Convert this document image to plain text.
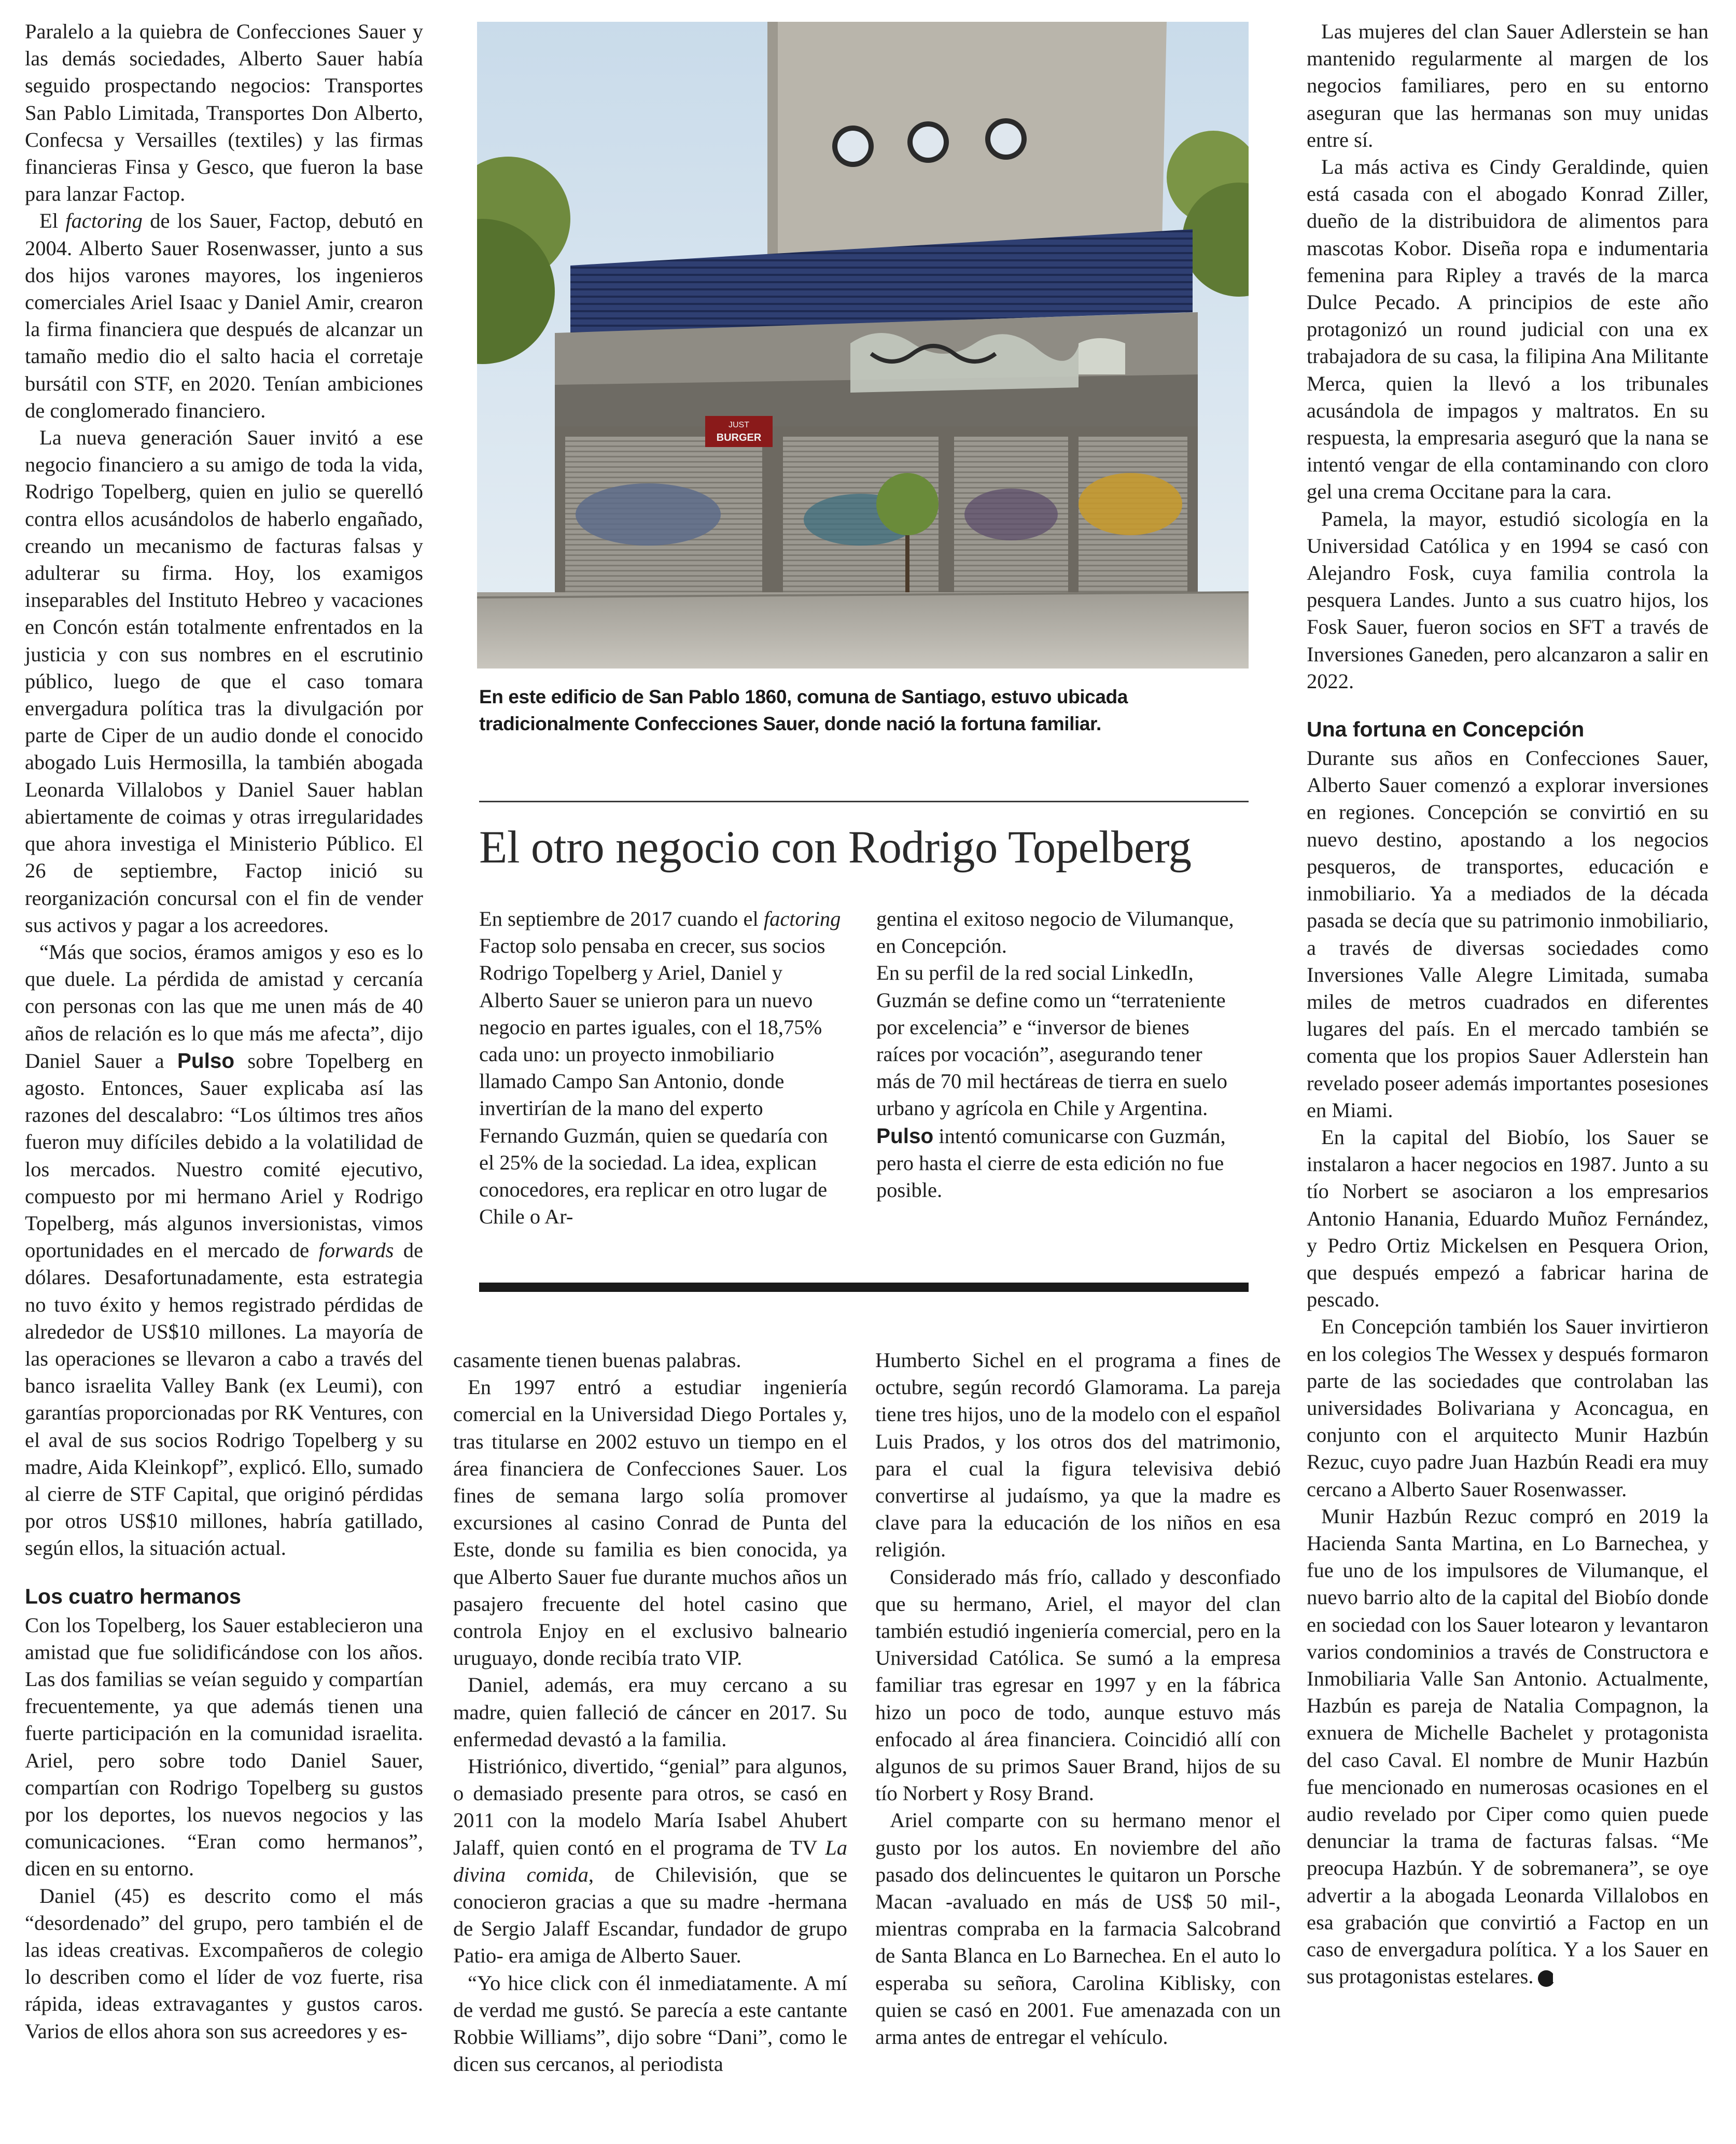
Paralelo a la quiebra de Confecciones Sauer y las demás sociedades, Alberto Sauer había seguido prospectando negocios: Transportes San Pablo Limitada, Transportes Don Alberto, Confecsa y Versailles (textiles) y las firmas financieras Finsa y Gesco, que fueron la base para lanzar Factop.

El factoring de los Sauer, Factop, debutó en 2004. Alberto Sauer Rosenwasser, junto a sus dos hijos varones mayores, los ingenieros comerciales Ariel Isaac y Daniel Amir, crearon la firma financiera que después de alcanzar un tamaño medio dio el salto hacia el corretaje bursátil con STF, en 2020. Tenían ambiciones de conglomerado financiero.

La nueva generación Sauer invitó a ese negocio financiero a su amigo de toda la vida, Rodrigo Topelberg, quien en julio se querelló contra ellos acusándolos de haberlo engañado, creando un mecanismo de facturas falsas y adulterar su firma. Hoy, los examigos inseparables del Instituto Hebreo y vacaciones en Concón están totalmente enfrentados en la justicia y con sus nombres en el escrutinio público, luego de que el caso tomara envergadura política tras la divulgación por parte de Ciper de un audio donde el conocido abogado Luis Hermosilla, la también abogada Leonarda Villalobos y Daniel Sauer hablan abiertamente de coimas y otras irregularidades que ahora investiga el Ministerio Público. El 26 de septiembre, Factop inició su reorganización concursal con el fin de vender sus activos y pagar a los acreedores.

“Más que socios, éramos amigos y eso es lo que duele. La pérdida de amistad y cercanía con personas con las que me unen más de 40 años de relación es lo que más me afecta”, dijo Daniel Sauer a Pulso sobre Topelberg en agosto. Entonces, Sauer explicaba así las razones del descalabro: “Los últimos tres años fueron muy difíciles debido a la volatilidad de los mercados. Nuestro comité ejecutivo, compuesto por mi hermano Ariel y Rodrigo Topelberg, más algunos inversionistas, vimos oportunidades en el mercado de forwards de dólares. Desafortunadamente, esta estrategia no tuvo éxito y hemos registrado pérdidas de alrededor de US$10 millones. La mayoría de las operaciones se llevaron a cabo a través del banco israelita Valley Bank (ex Leumi), con garantías proporcionadas por RK Ventures, con el aval de sus socios Rodrigo Topelberg y su madre, Aida Kleinkopf”, explicó. Ello, sumado al cierre de STF Capital, que originó pérdidas por otros US$10 millones, habría gatillado, según ellos, la situación actual.

Los cuatro hermanos

Con los Topelberg, los Sauer establecieron una amistad que fue solidificándose con los años. Las dos familias se veían seguido y compartían frecuentemente, ya que además tienen una fuerte participación en la comunidad israelita. Ariel, pero sobre todo Daniel Sauer, compartían con Rodrigo Topelberg su gustos por los deportes, los nuevos negocios y las comunicaciones. “Eran como hermanos”, dicen en su entorno.

Daniel (45) es descrito como el más “desordenado” del grupo, pero también el de las ideas creativas. Excompañeros de colegio lo describen como el líder de voz fuerte, risa rápida, ideas extravagantes y gustos caros. Varios de ellos ahora son sus acreedores y es-

JUST
BURGER
En este edificio de San Pablo 1860, comuna de Santiago, estuvo ubicada tradicionalmente Confecciones Sauer, donde nació la fortuna familiar.
El otro negocio con Rodrigo Topelberg

En septiembre de 2017 cuando el factoring Factop solo pensaba en crecer, sus socios Rodrigo Topelberg y Ariel, Daniel y Alberto Sauer se unieron para un nuevo negocio en partes iguales, con el 18,75% cada uno: un proyecto inmobiliario llamado Campo San Antonio, donde invertirían de la mano del experto Fernando Guzmán, quien se quedaría con el 25% de la sociedad. La idea, explican conocedores, era replicar en otro lugar de Chile o Ar-

gentina el exitoso negocio de Vilumanque, en Concepción.

En su perfil de la red social LinkedIn, Guzmán se define como un “terrateniente por excelencia” e “inversor de bienes raíces por vocación”, asegurando tener más de 70 mil hectáreas de tierra en suelo urbano y agrícola en Chile y Argentina. Pulso intentó comunicarse con Guzmán, pero hasta el cierre de esta edición no fue posible.

casamente tienen buenas palabras.

En 1997 entró a estudiar ingeniería comercial en la Universidad Diego Portales y, tras titularse en 2002 estuvo un tiempo en el área financiera de Confecciones Sauer. Los fines de semana largo solía promover excursiones al casino Conrad de Punta del Este, donde su familia es bien conocida, ya que Alberto Sauer fue durante muchos años un pasajero frecuente del hotel casino que controla Enjoy en el exclusivo balneario uruguayo, donde recibía trato VIP.

Daniel, además, era muy cercano a su madre, quien falleció de cáncer en 2017. Su enfermedad devastó a la familia.

Histriónico, divertido, “genial” para algunos, o demasiado presente para otros, se casó en 2011 con la modelo María Isabel Ahubert Jalaff, quien contó en el programa de TV La divina comida, de Chilevisión, que se conocieron gracias a que su madre -hermana de Sergio Jalaff Escandar, fundador de grupo Patio- era amiga de Alberto Sauer.

“Yo hice click con él inmediatamente. A mí de verdad me gustó. Se parecía a este cantante Robbie Williams”, dijo sobre “Dani”, como le dicen sus cercanos, al periodista

Humberto Sichel en el programa a fines de octubre, según recordó Glamorama. La pareja tiene tres hijos, uno de la modelo con el español Luis Prados, y los otros dos del matrimonio, para el cual la figura televisiva debió convertirse al judaísmo, ya que la madre es clave para la educación de los niños en esa religión.

Considerado más frío, callado y desconfiado que su hermano, Ariel, el mayor del clan también estudió ingeniería comercial, pero en la Universidad Católica. Se sumó a la empresa familiar tras egresar en 1997 y en la fábrica hizo un poco de todo, aunque estuvo más enfocado al área financiera. Coincidió allí con algunos de su primos Sauer Brand, hijos de su tío Norbert y Rosy Brand.

Ariel comparte con su hermano menor el gusto por los autos. En noviembre del año pasado dos delincuentes le quitaron un Porsche Macan -avaluado en más de US$ 50 mil-, mientras compraba en la farmacia Salcobrand de Santa Blanca en Lo Barnechea. En el auto lo esperaba su señora, Carolina Kiblisky, con quien se casó en 2001. Fue amenazada con un arma antes de entregar el vehículo.

Las mujeres del clan Sauer Adlerstein se han mantenido regularmente al margen de los negocios familiares, pero en su entorno aseguran que las hermanas son muy unidas entre sí.

La más activa es Cindy Geraldinde, quien está casada con el abogado Konrad Ziller, dueño de la distribuidora de alimentos para mascotas Kobor. Diseña ropa e indumentaria femenina para Ripley a través de la marca Dulce Pecado. A principios de este año protagonizó un round judicial con una ex trabajadora de su casa, la filipina Ana Militante Merca, quien la llevó a los tribunales acusándola de impagos y maltratos. En su respuesta, la empresaria aseguró que la nana se intentó vengar de ella contaminando con cloro gel una crema Occitane para la cara.

Pamela, la mayor, estudió sicología en la Universidad Católica y en 1994 se casó con Alejandro Fosk, cuya familia controla la pesquera Landes. Junto a sus cuatro hijos, los Fosk Sauer, fueron socios en SFT a través de Inversiones Ganeden, pero alcanzaron a salir en 2022.

Una fortuna en Concepción

Durante sus años en Confecciones Sauer, Alberto Sauer comenzó a explorar inversiones en regiones. Concepción se convirtió en su nuevo destino, apostando a los negocios pesqueros, de transportes, educación e inmobiliario. Ya a mediados de la década pasada se decía que su patrimonio inmobiliario, a través de diversas sociedades como Inversiones Valle Alegre Limitada, sumaba miles de metros cuadrados en diferentes lugares del país. En el mercado también se comenta que los propios Sauer Adlerstein han revelado poseer además importantes posesiones en Miami.

En la capital del Biobío, los Sauer se instalaron a hacer negocios en 1987. Junto a su tío Norbert se asociaron a los empresarios Antonio Hanania, Eduardo Muñoz Fernández, y Pedro Ortiz Mickelsen en Pesquera Orion, que después empezó a fabricar harina de pescado.

En Concepción también los Sauer invirtieron en los colegios The Wessex y después formaron parte de las sociedades que controlaban las universidades Bolivariana y Aconcagua, en conjunto con el arquitecto Munir Hazbún Rezuc, cuyo padre Juan Hazbún Readi era muy cercano a Alberto Sauer Rosenwasser.

Munir Hazbún Rezuc compró en 2019 la Hacienda Santa Martina, en Lo Barnechea, y fue uno de los impulsores de Vilumanque, el nuevo barrio alto de la capital del Biobío donde en sociedad con los Sauer lotearon y levantaron varios condominios a través de Constructora e Inmobiliaria Valle San Antonio. Actualmente, Hazbún es pareja de Natalia Compagnon, la exnuera de Michelle Bachelet y protagonista del caso Caval. El nombre de Munir Hazbún fue mencionado en numerosas ocasiones en el audio revelado por Ciper como quien puede denunciar la trama de facturas falsas. “Me preocupa Hazbún. Y de sobremanera”, se oye advertir a la abogada Leonarda Villalobos en esa grabación que convirtió a Factop en un caso de envergadura política. Y a los Sauer en sus protagonistas estelares. P
